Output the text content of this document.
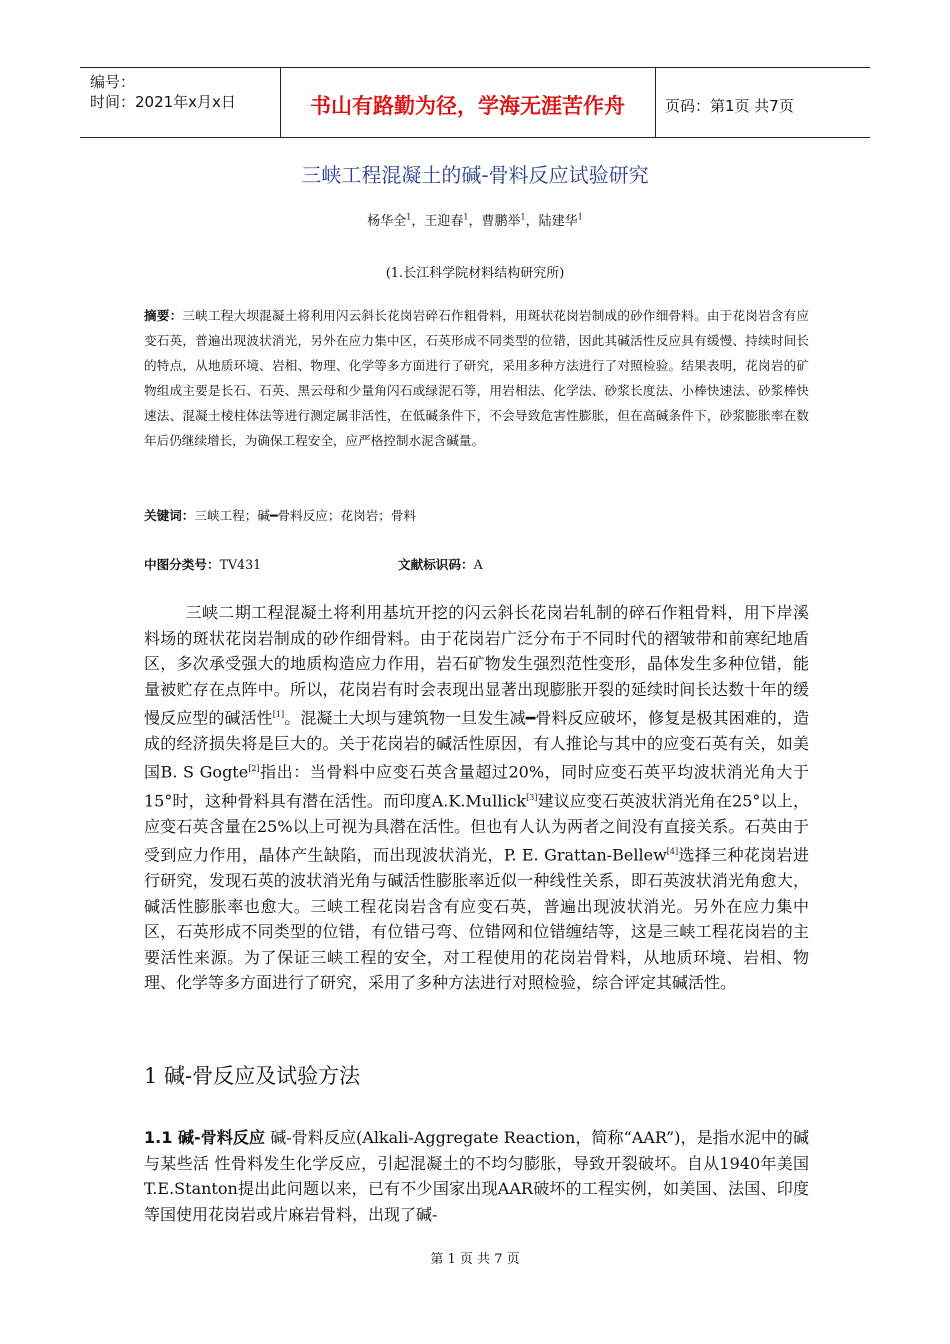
编号：
时间：2021年x月x日	书山有路勤为径，学海无涯苦作舟	页码：第1页 共7页
三峡工程混凝土的碱-骨料反应试验研究
杨华全$^1$，王迎春$^1$，曹鹏举$^1$，陆建华$^1$
(1.长江科学院材料结构研究所)
摘要：三峡工程大坝混凝土将利用闪云斜长花岗岩碎石作粗骨料，用斑状花岗岩制成的砂作细骨料。由于花岗岩含有应变石英，普遍出现波状消光，另外在应力集中区，石英形成不同类型的位错，因此其碱活性反应具有缓慢、持续时间长的特点，从地质环境、岩相、物理、化学等多方面进行了研究，采用多种方法进行了对照检验。结果表明，花岗岩的矿物组成主要是长石、石英、黑云母和少量角闪石或绿泥石等，用岩相法、化学法、砂浆长度法、小棒快速法、砂浆棒快速法、混凝土棱柱体法等进行测定属非活性，在低碱条件下，不会导致危害性膨胀，但在高碱条件下，砂浆膨胀率在数年后仍继续增长，为确保工程安全，应严格控制水泥含碱量。
关键词：三峡工程；碱━骨料反应；花岗岩；骨料
中图分类号：TV431	文献标识码：A
三峡二期工程混凝土将利用基坑开挖的闪云斜长花岗岩轧制的碎石作粗骨料，用下岸溪料场的斑状花岗岩制成的砂作细骨料。由于花岗岩广泛分布于不同时代的褶皱带和前寒纪地盾区，多次承受强大的地质构造应力作用，岩石矿物发生强烈范性变形，晶体发生多种位错，能量被贮存在点阵中。所以，花岗岩有时会表现出显著出现膨胀开裂的延续时间长达数十年的缓慢反应型的碱活性[1]。混凝土大坝与建筑物一旦发生减━骨料反应破坏，修复是极其困难的，造成的经济损失将是巨大的。关于花岗岩的碱活性原因，有人推论与其中的应变石英有关，如美国B. S Gogte[2]指出：当骨料中应变石英含量超过20%，同时应变石英平均波状消光角大于15°时，这种骨料具有潜在活性。而印度A.K.Mullick[3]建议应变石英波状消光角在25°以上，应变石英含量在25%以上可视为具潜在活性。但也有人认为两者之间没有直接关系。石英由于受到应力作用，晶体产生缺陷，而出现波状消光，P. E. Grattan-Bellew[4]选择三种花岗岩进行研究，发现石英的波状消光角与碱活性膨胀率近似一种线性关系，即石英波状消光角愈大，碱活性膨胀率也愈大。三峡工程花岗岩含有应变石英，普遍出现波状消光。另外在应力集中区，石英形成不同类型的位错，有位错弓弯、位错网和位错缠结等，这是三峡工程花岗岩的主要活性来源。为了保证三峡工程的安全，对工程使用的花岗岩骨料，从地质环境、岩相、物理、化学等多方面进行了研究，采用了多种方法进行对照检验，综合评定其碱活性。
1 碱-骨反应及试验方法
1.1 碱-骨料反应 碱-骨料反应(Alkali-Aggregate Reaction，简称“AAR”)，是指水泥中的碱与某些活 性骨料发生化学反应，引起混凝土的不均匀膨胀，导致开裂破坏。自从1940年美国T.E.Stanton提出此问题以来，已有不少国家出现AAR破坏的工程实例，如美国、法国、印度等国使用花岗岩或片麻岩骨料，出现了碱-
第 1 页 共 7 页
